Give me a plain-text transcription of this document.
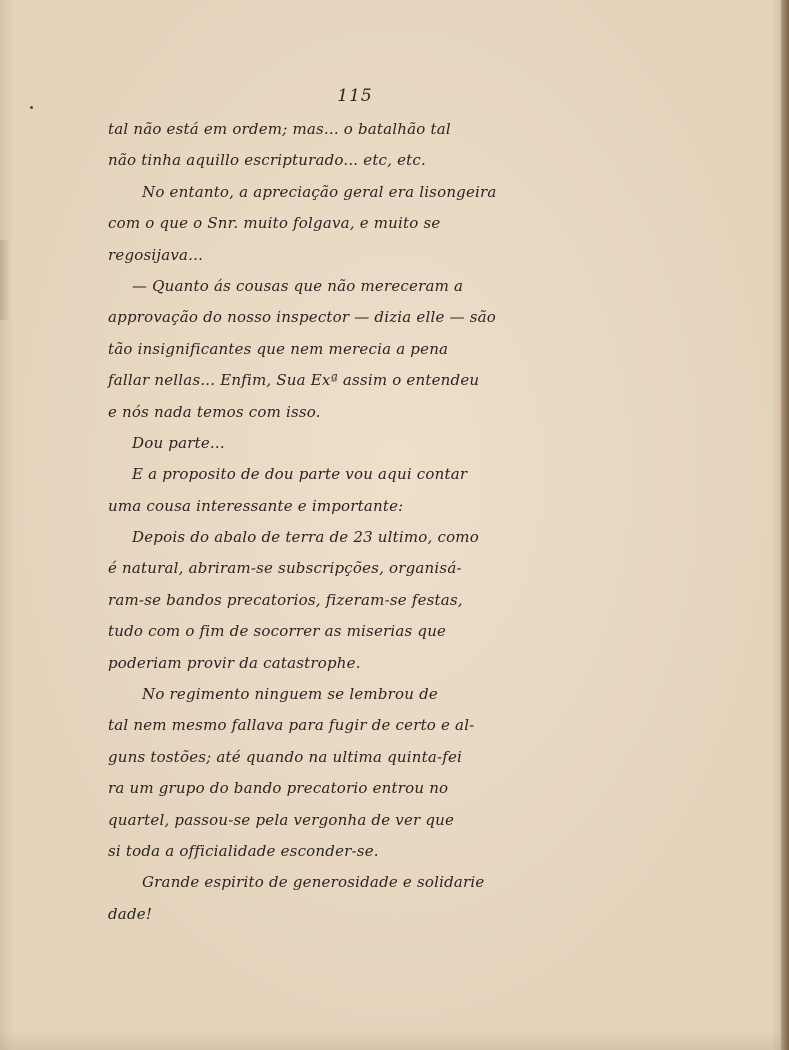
115
tal não está em ordem; mas... o batalhão tal
não tinha aquillo escripturado... etc, etc.
No entanto, a apreciação geral era lisongeira
com o que o Snr. muito folgava, e muito se
regosijava...
— Quanto ás cousas que não mereceram a
approvação do nosso inspector — dizia elle — são
tão insignificantes que nem merecia a pena
fallar nellas... Enfim, Sua Exª assim o entendeu
e nós nada temos com isso.
Dou parte...
E a proposito de dou parte vou aqui contar
uma cousa interessante e importante:
Depois do abalo de terra de 23 ultimo, como
é natural, abriram-se subscripções, organisá-
ram-se bandos precatorios, fizeram-se festas,
tudo com o fim de socorrer as miserias que
poderiam provir da catastrophe.
No regimento ninguem se lembrou de
tal nem mesmo fallava para fugir de certo e al-
guns tostões; até quando na ultima quinta-fei
ra um grupo do bando precatorio entrou no
quartel, passou-se pela vergonha de ver que
si toda a officialidade esconder-se.
Grande espirito de generosidade e solidarie
dade!
